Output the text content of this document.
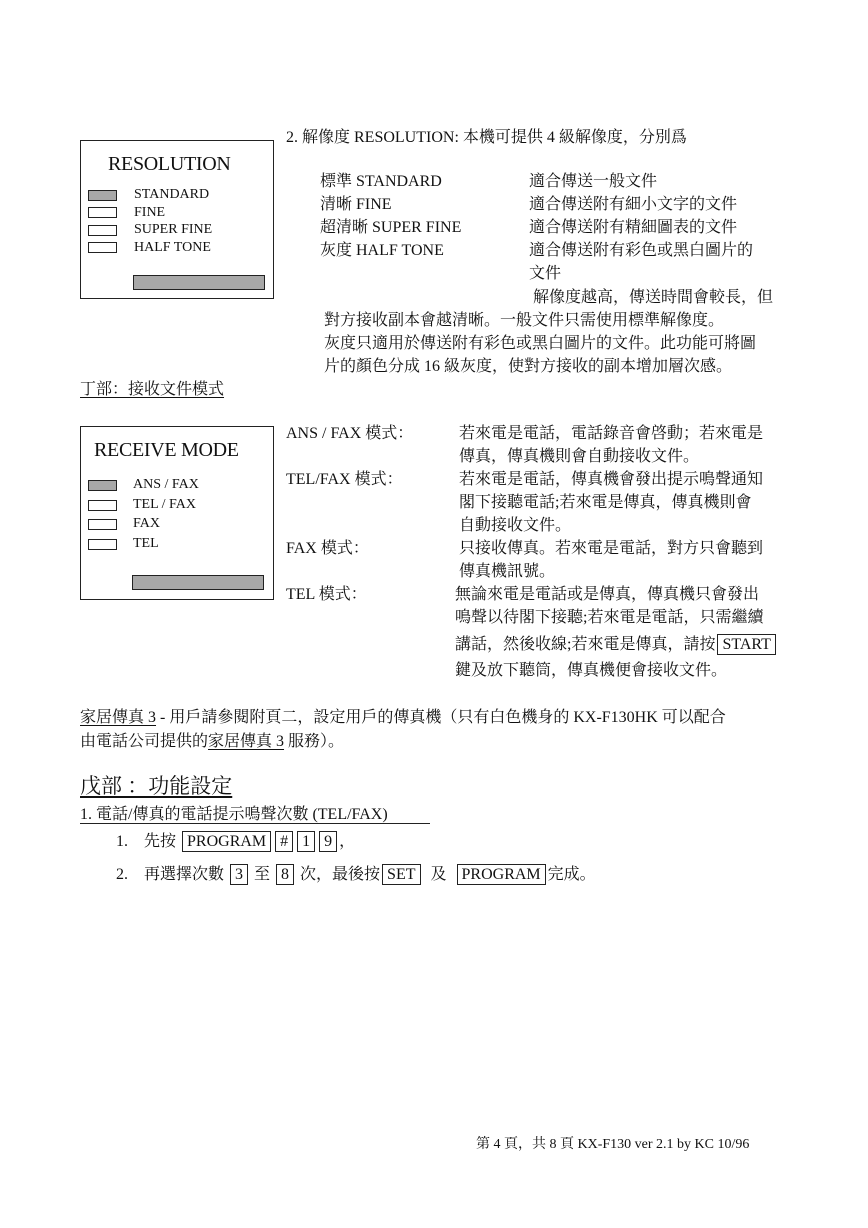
2. 解像度 RESOLUTION: 本機可提供 4 級解像度，分別爲
RESOLUTION
STANDARD
FINE
SUPER FINE
HALF TONE
標準 STANDARD	適合傳送一般文件
清晰 FINE	適合傳送附有細小文字的文件
超清晰 SUPER FINE	適合傳送附有精細圖表的文件
灰度 HALF TONE	適合傳送附有彩色或黑白圖片的
文件
解像度越高，傳送時間會較長，但
對方接收副本會越清晰。一般文件只需使用標準解像度。
灰度只適用於傳送附有彩色或黑白圖片的文件。此功能可將圖
片的顏色分成 16 級灰度，使對方接收的副本增加層次感。
丁部：接收文件模式
RECEIVE MODE
ANS / FAX
TEL / FAX
FAX
TEL
ANS / FAX 模式：	若來電是電話，電話錄音會啓動；若來電是
傳真，傳真機則會自動接收文件。
TEL/FAX 模式：	若來電是電話，傳真機會發出提示鳴聲通知
閣下接聽電話;若來電是傳真，傳真機則會
自動接收文件。
FAX 模式：	只接收傳真。若來電是電話，對方只會聽到
傳真機訊號。
TEL 模式：	無論來電是電話或是傳真，傳真機只會發出
鳴聲以待閣下接聽;若來電是電話，只需繼續
講話，然後收線;若來電是傳真，請按 START
鍵及放下聽筒，傳真機便會接收文件。
家居傳真 3 - 用戶請參閱附頁二，設定用戶的傳真機（只有白色機身的 KX-F130HK 可以配合
由電話公司提供的家居傳真 3 服務）。
戊部 ：功能設定
1. 電話/傳真的電話提示鳴聲次數 (TEL/FAX)
1. 先按 PROGRAM # 1 9 ，
2. 再選擇次數 3 至 8 次，最後按 SET 及 PROGRAM 完成。
第 4 頁，共 8 頁 KX-F130 ver 2.1 by KC 10/96
